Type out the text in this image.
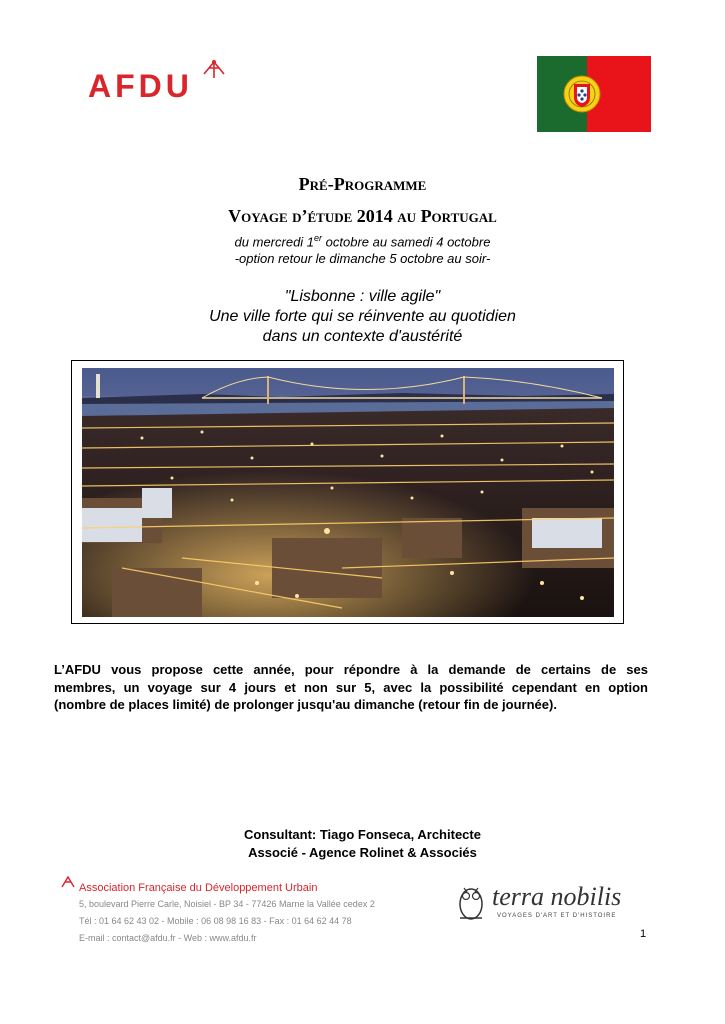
AFDU
Pré-Programme
Voyage d’étude 2014 au Portugal
du mercredi 1er octobre au samedi 4 octobre
-option retour le dimanche 5 octobre au soir-
"Lisbonne : ville agile"
Une ville forte qui se réinvente au quotidien
dans un contexte d'austérité
L’AFDU vous propose cette année, pour répondre à la demande de certains de ses
membres, un voyage sur 4 jours et non sur 5, avec la possibilité cependant en option
(nombre de places limité) de prolonger jusqu'au dimanche (retour fin de journée).
Consultant: Tiago Fonseca, Architecte
Associé - Agence Rolinet & Associés
Association Française du Développement Urbain
5, boulevard Pierre Carle, Noisiel - BP 34 - 77426 Marne la Vallée cedex 2
Tél : 01 64 62 43 02 - Mobile : 06 08 98 16 83 - Fax : 01 64 62 44 78
E-mail : contact@afdu.fr - Web : www.afdu.fr
terra nobilis
VOYAGES D'ART ET D'HISTOIRE
1
